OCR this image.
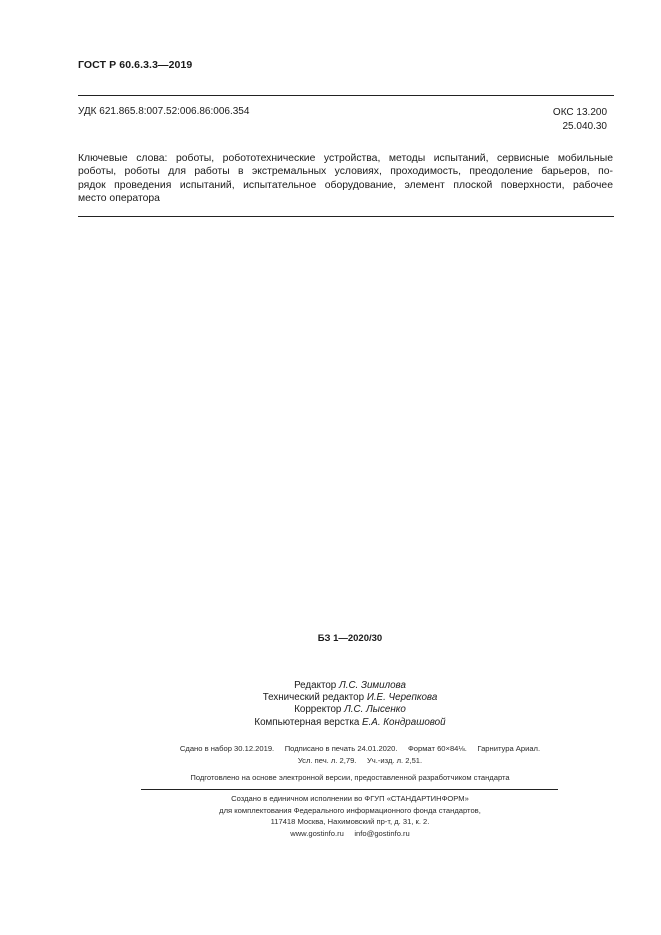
ГОСТ Р 60.6.3.3—2019
УДК 621.865.8:007.52:006.86:006.354	ОКС 13.200
25.040.30
Ключевые слова: роботы, робототехнические устройства, методы испытаний, сервисные мобильные
роботы, роботы для работы в экстремальных условиях, проходимость, преодоление барьеров, по-
рядок проведения испытаний, испытательное оборудование, элемент плоской поверхности, рабочее
место оператора
БЗ 1—2020/30
Редактор Л.С. Зимилова
Технический редактор И.Е. Черепкова
Корректор Л.С. Лысенко
Компьютерная верстка Е.А. Кондрашовой
Сдано в набор 30.12.2019.     Подписано в печать 24.01.2020.     Формат 60×84⅛.     Гарнитура Ариал.
Усл. печ. л. 2,79.     Уч.-изд. л. 2,51.
Подготовлено на основе электронной версии, предоставленной разработчиком стандарта
Создано в единичном исполнении во ФГУП «СТАНДАРТИНФОРМ»
для комплектования Федерального информационного фонда стандартов,
117418 Москва, Нахимовский пр-т, д. 31, к. 2.
www.gostinfo.ru     info@gostinfo.ru
